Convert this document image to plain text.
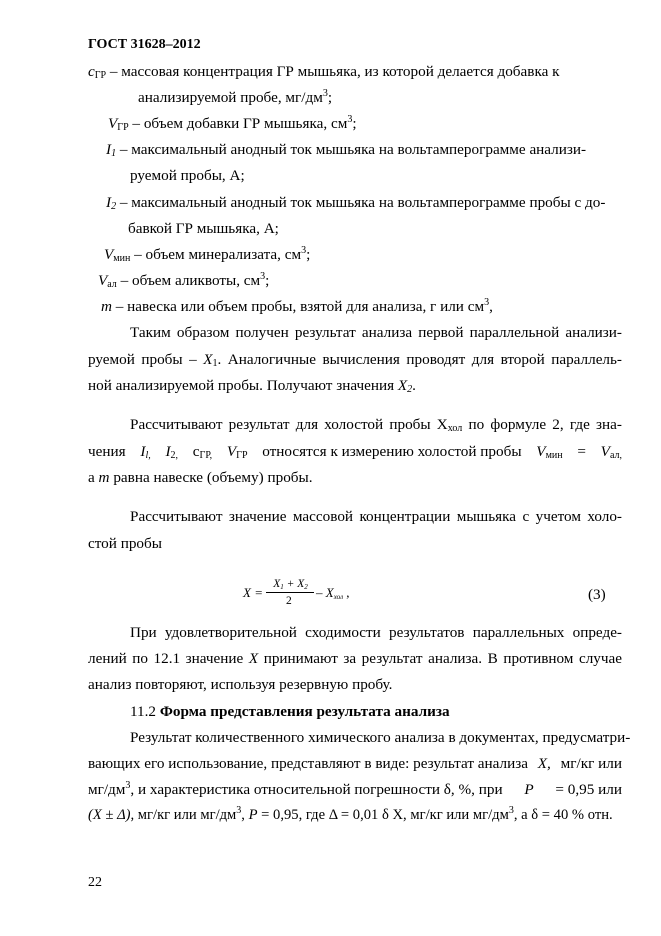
ГОСТ 31628–2012
$c_{ГР}$ – массовая концентрация ГР мышьяка, из которой делается добавка к
анализируемой пробе, $мг/дм^3$;
$V_{ГР}$ – объем добавки ГР мышьяка, $см^3$;
$I_1$ – максимальный анодный ток мышьяка на вольтамперограмме анализи-
руемой пробы, А;
$I_2$ – максимальный анодный ток мышьяка на вольтамперограмме пробы с до-
бавкой ГР мышьяка, А;
$V_{мин}$ – объем минерализата, $см^3$;
$V_{ал}$ – объем аликвоты, $см^3$;
m – навеска или объем пробы, взятой для анализа, г или $см^3$,
Таким образом получен результат анализа первой параллельной анализи-
руемой пробы – $X_1$. Аналогичные вычисления проводят для второй параллель-
ной анализируемой пробы. Получают значения $X_2$.
Рассчитывают результат для холостой пробы $Х_{хол}$ по формуле 2, где зна-
чения $I_{l,}$ $I_{2,}$ $с_{ГР,}$ $V_{ГР}$ относятся к измерению холостой пробы $V_{мин} = V_{ал,}$
а m равна навеске (объему) пробы.
Рассчитывают значение массовой концентрации мышьяка с учетом холо-
стой пробы
X =
$X_1 + X_2$
2
– $X_{хол}$ ,	(3)
При удовлетворительной сходимости результатов параллельных опреде-
лений по 12.1 значение X принимают за результат анализа. В противном случае
анализ повторяют, используя резервную пробу.
11.2 Форма представления результата анализа
Результат количественного химического анализа в документах, предусматри-
вающих его использование, представляют в виде: результат анализа X, мг/кг или
$мг/дм^3$, и характеристика относительной погрешности δ, %, при P = 0,95 или
(X ± Δ), мг/кг или $мг/дм^3$, P = 0,95, где Δ = 0,01 δ X, мг/кг или $мг/дм^3$, а δ = 40 % отн.
22
